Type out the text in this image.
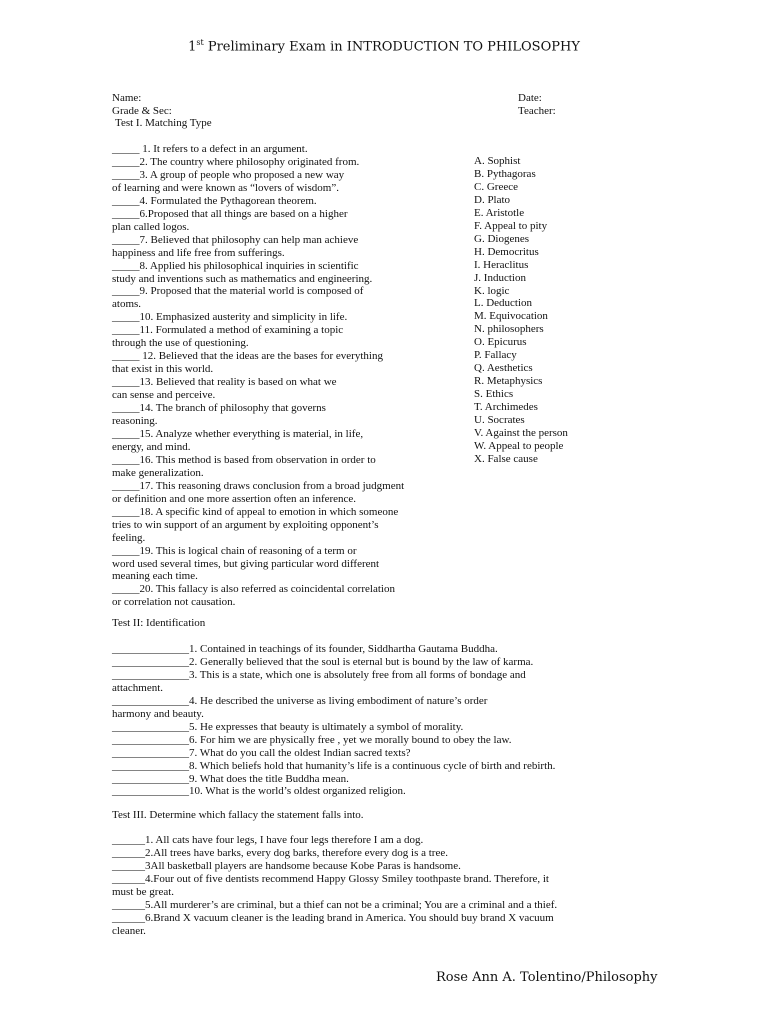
1st Preliminary Exam in INTRODUCTION TO PHILOSOPHY
Name:
Grade & Sec:
Date:
Teacher:
Test I. Matching Type
_____ 1. It refers to a defect in an argument.
_____2. The country where philosophy originated from.
_____3. A group of people who proposed a new way
of learning and were known as “lovers of wisdom”.
_____4. Formulated the Pythagorean theorem.
_____6.Proposed that all things are based on a higher
plan called logos.
_____7. Believed that philosophy can help man achieve
happiness and life free from sufferings.
_____8. Applied his philosophical inquiries in scientific
study and inventions such as mathematics and engineering.
_____9. Proposed that the material world is composed of
atoms.
_____10. Emphasized austerity and simplicity in life.
_____11. Formulated a method of examining a topic
through the use of questioning.
_____ 12. Believed that the ideas are the bases for everything
that exist in this world.
_____13. Believed that reality is based on what we
can sense and perceive.
_____14. The branch of philosophy that governs
reasoning.
_____15. Analyze whether everything is material, in life,
energy, and mind.
_____16. This method is based from observation in order to
make generalization.
_____17. This reasoning draws conclusion from a broad judgment
or definition and one more assertion often an inference.
_____18. A specific kind of appeal to emotion in which someone
tries to win support of an argument by exploiting opponent’s
feeling.
_____19. This is logical chain of reasoning of a term or
word used several times, but giving particular word different
meaning each time.
_____20. This fallacy is also referred as coincidental correlation
or correlation not causation.
A. Sophist
B. Pythagoras
C. Greece
D. Plato
E. Aristotle
F. Appeal to pity
G. Diogenes
H. Democritus
I. Heraclitus
J. Induction
K. logic
L. Deduction
M. Equivocation
N. philosophers
O. Epicurus
P. Fallacy
Q. Aesthetics
R. Metaphysics
S. Ethics
T. Archimedes
U. Socrates
V. Against the person
W. Appeal to people
X. False cause
Test II: Identification
______________1. Contained in teachings of its founder, Siddhartha Gautama Buddha.
______________2. Generally believed that the soul is eternal but is bound by the law of karma.
______________3. This is a state, which one is absolutely free from all forms of bondage and
attachment.
______________4. He described the universe as living embodiment of nature’s order
harmony and beauty.
______________5. He expresses that beauty is ultimately a symbol of morality.
______________6. For him we are physically free , yet we morally bound to obey the law.
______________7. What do you call the oldest Indian sacred texts?
______________8. Which beliefs hold that humanity’s life is a continuous cycle of birth and rebirth.
______________9. What does the title Buddha mean.
______________10. What is the world’s oldest organized religion.
Test III. Determine which fallacy the statement falls into.
______1. All cats have four legs, I have four legs therefore I am a dog.
______2.All trees have barks, every dog barks, therefore every dog is a tree.
______3All basketball players are handsome because Kobe Paras is handsome.
______4.Four out of five dentists recommend Happy Glossy Smiley toothpaste brand. Therefore, it
must be great.
______5.All murderer’s are criminal, but a thief can not be a criminal; You are a criminal and a thief.
______6.Brand X vacuum cleaner is the leading brand in America. You should buy brand X vacuum
cleaner.
Rose Ann A. Tolentino/Philosophy
